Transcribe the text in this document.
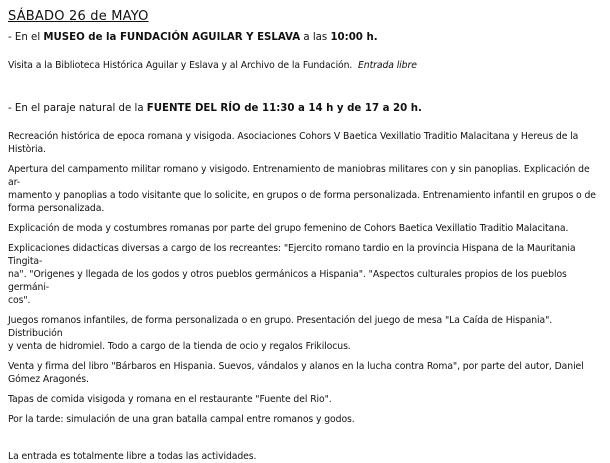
SÁBADO 26 de MAYO

- En el MUSEO de la FUNDACIÓN AGUILAR Y ESLAVA a las 10:00 h.

Visita a la Biblioteca Histórica Aguilar y Eslava y al Archivo de la Fundación. Entrada libre

- En el paraje natural de la FUENTE DEL RÍO de 11:30 a 14 h y de 17 a 20 h.

Recreación histórica de epoca romana y visigoda. Asociaciones Cohors V Baetica Vexillatio Traditio Malacitana y Hereus de la Història.

Apertura del campamento militar romano y visigodo. Entrenamiento de maniobras militares con y sin panoplias. Explicación de ar-

mamento y panoplias a todo visitante que lo solicite, en grupos o de forma personalizada. Entrenamiento infantil en grupos o de

forma personalizada.

Explicación de moda y costumbres romanas por parte del grupo femenino de Cohors Baetica Vexillatio Traditio Malacitana.

Explicaciones didacticas diversas a cargo de los recreantes: "Ejercito romano tardio en la provincia Hispana de la Mauritania Tingita-

na". "Origenes y llegada de los godos y otros pueblos germánicos a Hispania". "Aspectos culturales propios de los pueblos germáni-

cos".

Juegos romanos infantiles, de forma personalizada o en grupo. Presentación del juego de mesa "La Caída de Hispania". Distribución

y venta de hidromiel. Todo a cargo de la tienda de ocio y regalos Frikilocus.

Venta y firma del libro "Bárbaros en Hispania. Suevos, vándalos y alanos en la lucha contra Roma", por parte del autor, Daniel

Gómez Aragonés.

Tapas de comida visigoda y romana en el restaurante "Fuente del Rio".

Por la tarde: simulación de una gran batalla campal entre romanos y godos.

La entrada es totalmente libre a todas las actividades.
